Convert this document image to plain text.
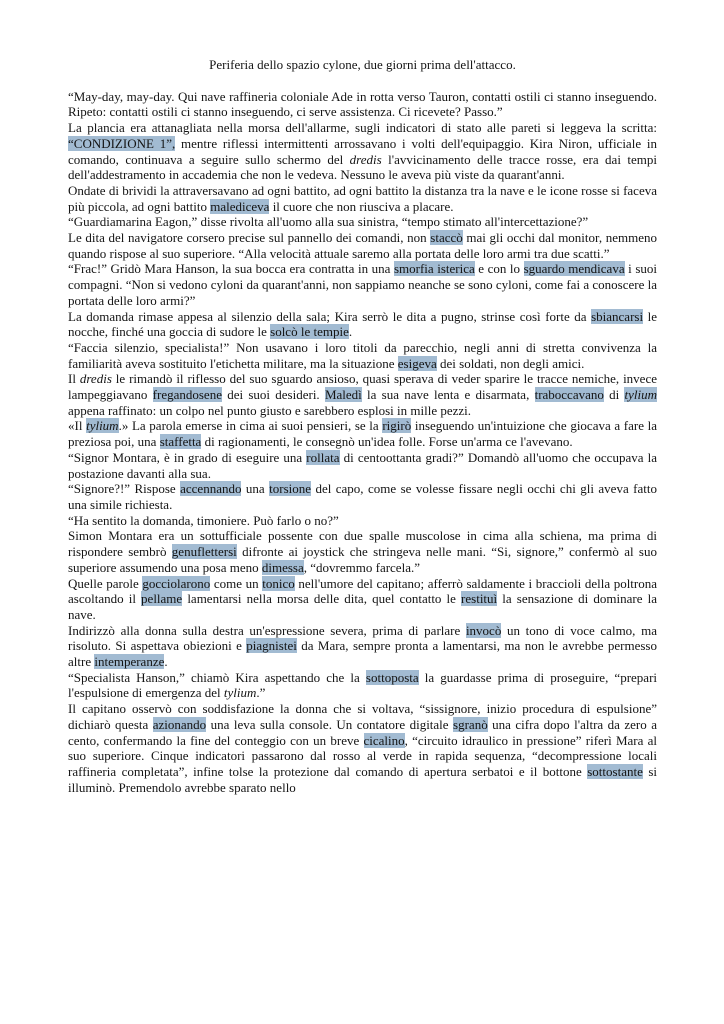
Periferia dello spazio cylone, due giorni prima dell'attacco.

“May-day, may-day. Qui nave raffineria coloniale Ade in rotta verso Tauron, contatti ostili ci stanno inseguendo. Ripeto: contatti ostili ci stanno inseguendo, ci serve assistenza. Ci ricevete? Passo.”

La plancia era attanagliata nella morsa dell'allarme, sugli indicatori di stato alle pareti si leggeva la scritta: “CONDIZIONE 1”, mentre riflessi intermittenti arrossavano i volti dell'equipaggio. Kira Niron, ufficiale in comando, continuava a seguire sullo schermo del dredis l'avvicinamento delle tracce rosse, era dai tempi dell'addestramento in accademia che non le vedeva. Nessuno le aveva più viste da quarant'anni.

Ondate di brividi la attraversavano ad ogni battito, ad ogni battito la distanza tra la nave e le icone rosse si faceva più piccola, ad ogni battito malediceva il cuore che non riusciva a placare.

“Guardiamarina Eagon,” disse rivolta all'uomo alla sua sinistra, “tempo stimato all'intercettazione?”

Le dita del navigatore corsero precise sul pannello dei comandi, non staccò mai gli occhi dal monitor, nemmeno quando rispose al suo superiore. “Alla velocità attuale saremo alla portata delle loro armi tra due scatti.”

“Frac!” Gridò Mara Hanson, la sua bocca era contratta in una smorfia isterica e con lo sguardo mendicava i suoi compagni. “Non si vedono cyloni da quarant'anni, non sappiamo neanche se sono cyloni, come fai a conoscere la portata delle loro armi?”

La domanda rimase appesa al silenzio della sala; Kira serrò le dita a pugno, strinse così forte da sbiancarsi le nocche, finché una goccia di sudore le solcò le tempie.

“Faccia silenzio, specialista!” Non usavano i loro titoli da parecchio, negli anni di stretta convivenza la familiarità aveva sostituito l'etichetta militare, ma la situazione esigeva dei soldati, non degli amici.

Il dredis le rimandò il riflesso del suo sguardo ansioso, quasi sperava di veder sparire le tracce nemiche, invece lampeggiavano fregandosene dei suoi desideri. Maledì la sua nave lenta e disarmata, traboccavano di tylium appena raffinato: un colpo nel punto giusto e sarebbero esplosi in mille pezzi.

«Il tylium.» La parola emerse in cima ai suoi pensieri, se la rigirò inseguendo un'intuizione che giocava a fare la preziosa poi, una staffetta di ragionamenti, le consegnò un'idea folle. Forse un'arma ce l'avevano.

“Signor Montara, è in grado di eseguire una rollata di centoottanta gradi?” Domandò all'uomo che occupava la postazione davanti alla sua.

“Signore?!” Rispose accennando una torsione del capo, come se volesse fissare negli occhi chi gli aveva fatto una simile richiesta.

“Ha sentito la domanda, timoniere. Può farlo o no?”

Simon Montara era un sottufficiale possente con due spalle muscolose in cima alla schiena, ma prima di rispondere sembrò genuflettersi difronte ai joystick che stringeva nelle mani. “Si, signore,” confermò al suo superiore assumendo una posa meno dimessa, “dovremmo farcela.”

Quelle parole gocciolarono come un tonico nell'umore del capitano; afferrò saldamente i braccioli della poltrona ascoltando il pellame lamentarsi nella morsa delle dita, quel contatto le restituì la sensazione di dominare la nave.

Indirizzò alla donna sulla destra un'espressione severa, prima di parlare invocò un tono di voce calmo, ma risoluto. Si aspettava obiezioni e piagnistei da Mara, sempre pronta a lamentarsi, ma non le avrebbe permesso altre intemperanze.

“Specialista Hanson,” chiamò Kira aspettando che la sottoposta la guardasse prima di proseguire, “prepari l'espulsione di emergenza del tylium.”

Il capitano osservò con soddisfazione la donna che si voltava, “sissignore, inizio procedura di espulsione” dichiarò questa azionando una leva sulla console. Un contatore digitale sgranò una cifra dopo l'altra da zero a cento, confermando la fine del conteggio con un breve cicalino, “circuito idraulico in pressione” riferì Mara al suo superiore. Cinque indicatori passarono dal rosso al verde in rapida sequenza, “decompressione locali raffineria completata”, infine tolse la protezione dal comando di apertura serbatoi e il bottone sottostante si illuminò. Premendolo avrebbe sparato nello
